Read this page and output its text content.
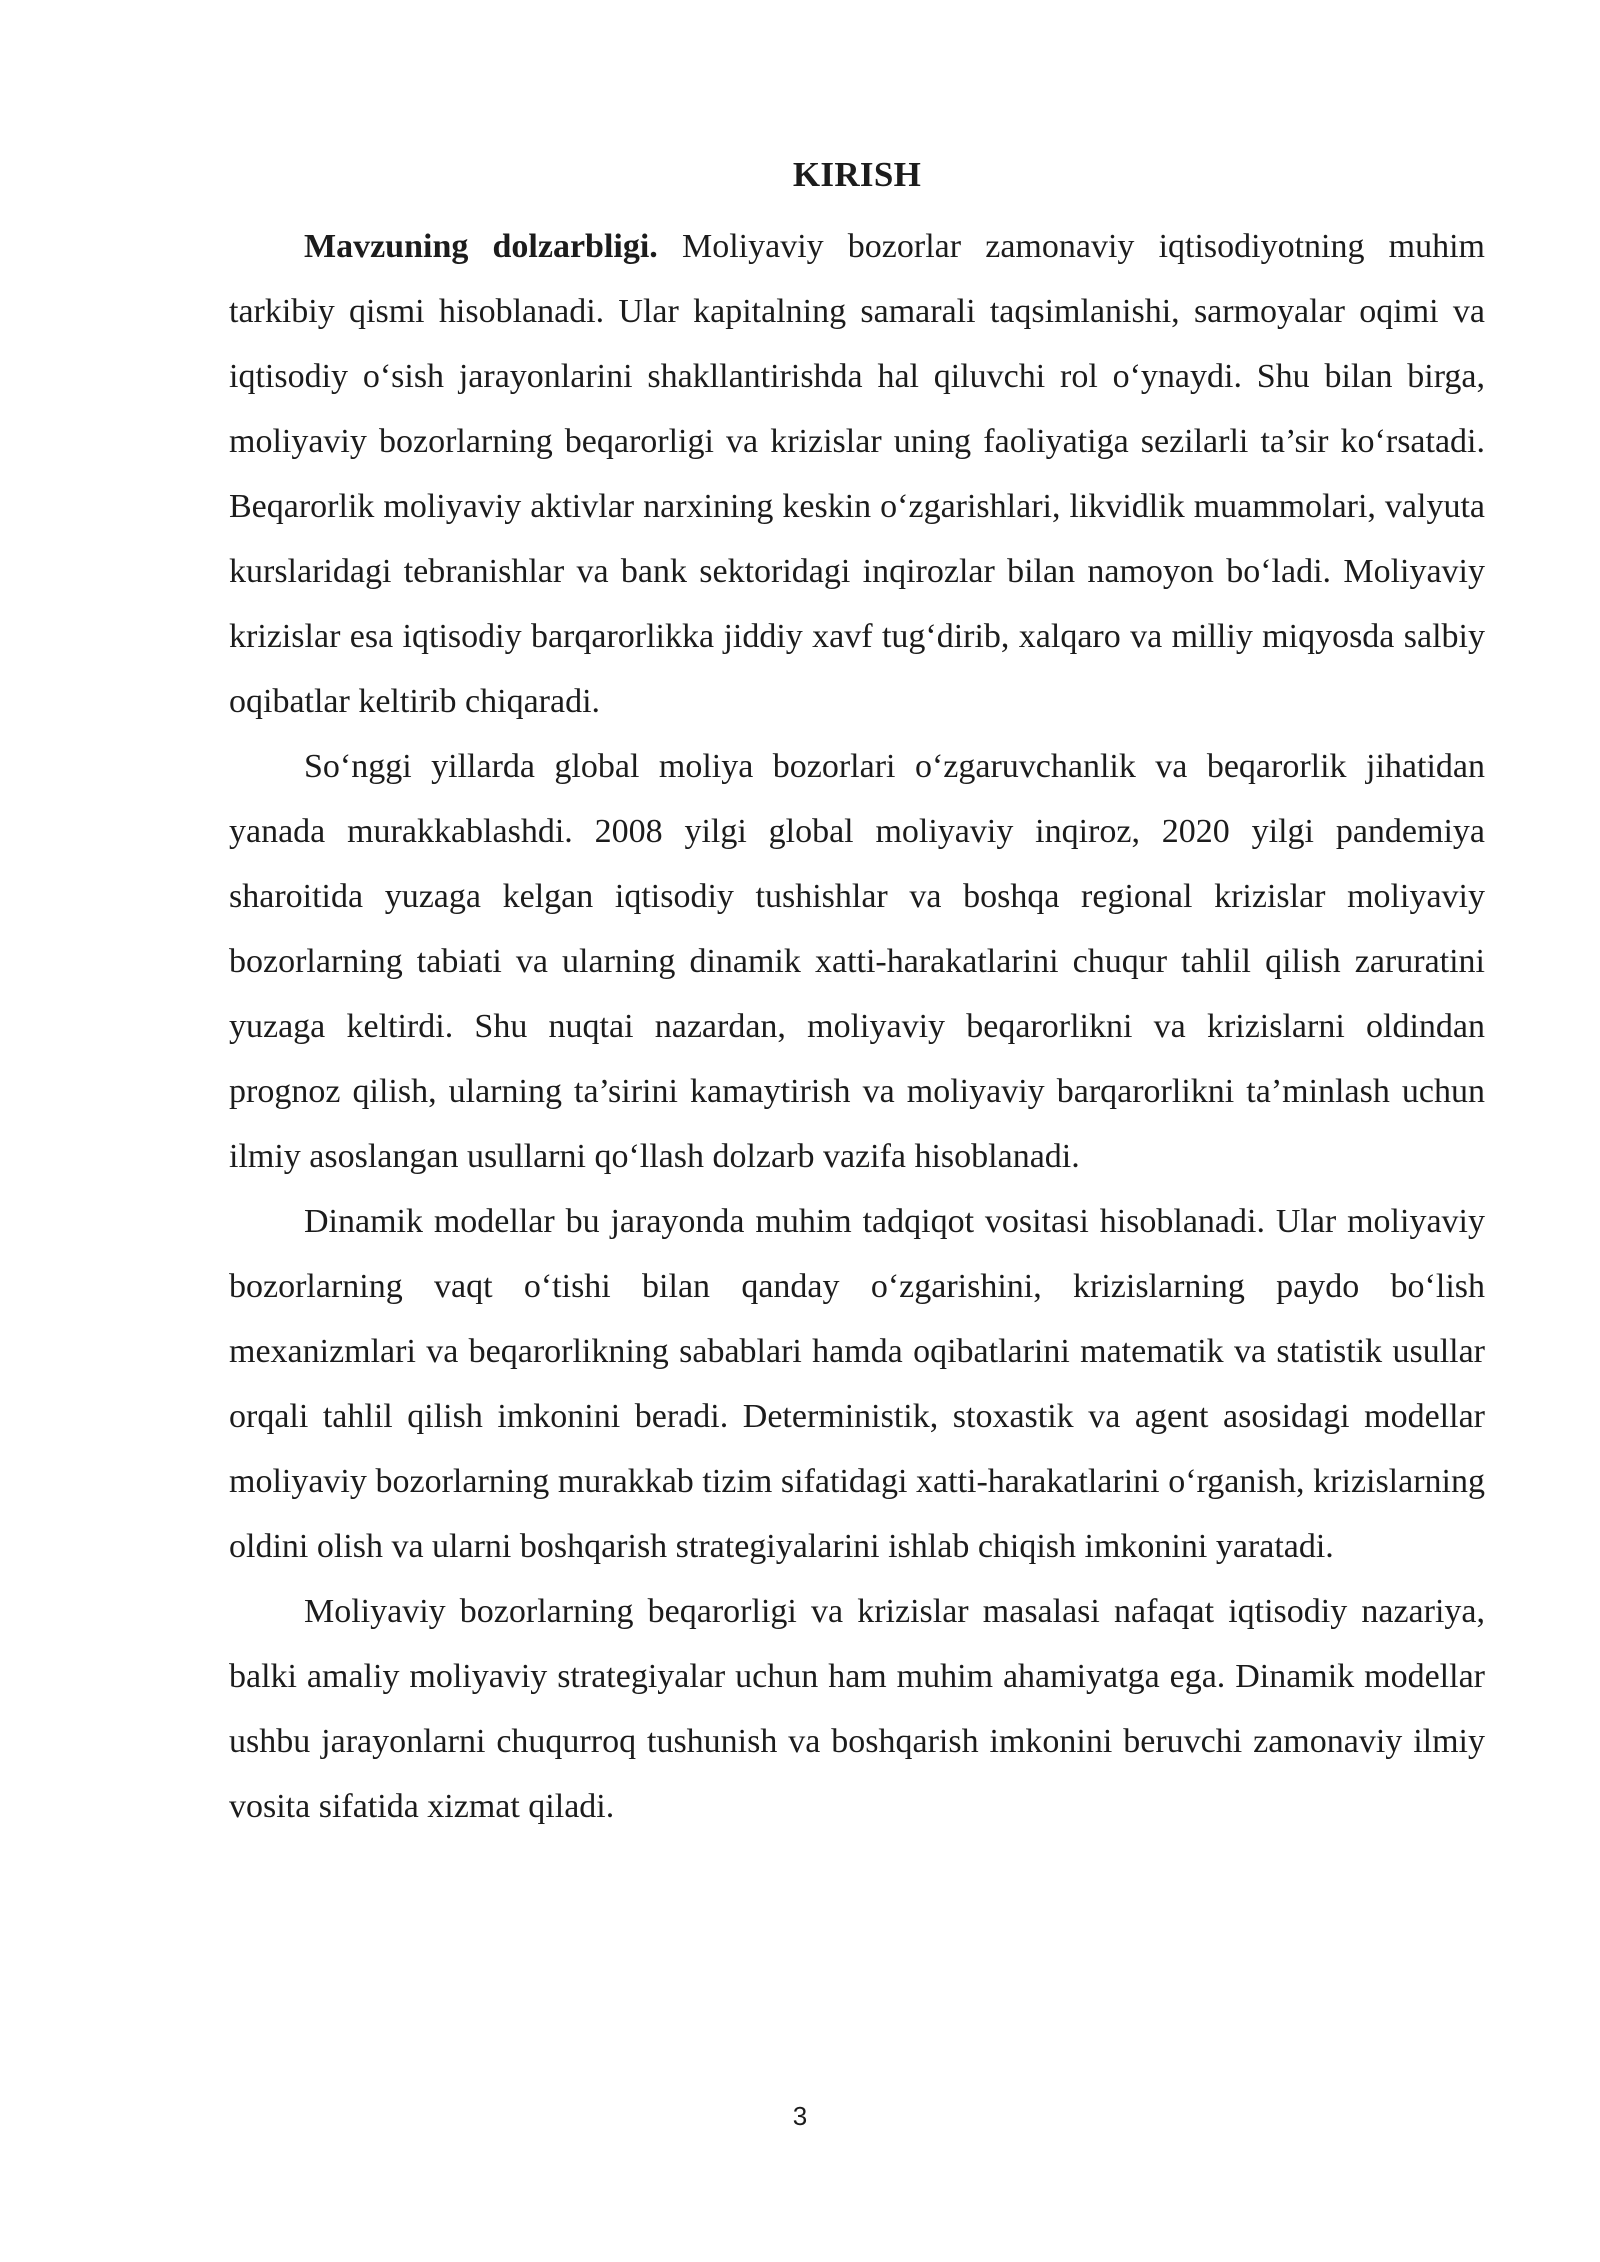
KIRISH

Mavzuning dolzarbligi. Moliyaviy bozorlar zamonaviy iqtisodiyotning muhim tarkibiy qismi hisoblanadi. Ular kapitalning samarali taqsimlanishi, sarmoyalar oqimi va iqtisodiy o‘sish jarayonlarini shakllantirishda hal qiluvchi rol o‘ynaydi. Shu bilan birga, moliyaviy bozorlarning beqarorligi va krizislar uning faoliyatiga sezilarli ta’sir ko‘rsatadi. Beqarorlik moliyaviy aktivlar narxining keskin o‘zgarishlari, likvidlik muammolari, valyuta kurslaridagi tebranishlar va bank sektoridagi inqirozlar bilan namoyon bo‘ladi. Moliyaviy krizislar esa iqtisodiy barqarorlikka jiddiy xavf tug‘dirib, xalqaro va milliy miqyosda salbiy oqibatlar keltirib chiqaradi.

So‘nggi yillarda global moliya bozorlari o‘zgaruvchanlik va beqarorlik jihatidan yanada murakkablashdi. 2008 yilgi global moliyaviy inqiroz, 2020 yilgi pandemiya sharoitida yuzaga kelgan iqtisodiy tushishlar va boshqa regional krizislar moliyaviy bozorlarning tabiati va ularning dinamik xatti-harakatlarini chuqur tahlil qilish zaruratini yuzaga keltirdi. Shu nuqtai nazardan, moliyaviy beqarorlikni va krizislarni oldindan prognoz qilish, ularning ta’sirini kamaytirish va moliyaviy barqarorlikni ta’minlash uchun ilmiy asoslangan usullarni qo‘llash dolzarb vazifa hisoblanadi.

Dinamik modellar bu jarayonda muhim tadqiqot vositasi hisoblanadi. Ular moliyaviy bozorlarning vaqt o‘tishi bilan qanday o‘zgarishini, krizislarning paydo bo‘lish mexanizmlari va beqarorlikning sabablari hamda oqibatlarini matematik va statistik usullar orqali tahlil qilish imkonini beradi. Deterministik, stoxastik va agent asosidagi modellar moliyaviy bozorlarning murakkab tizim sifatidagi xatti-harakatlarini o‘rganish, krizislarning oldini olish va ularni boshqarish strategiyalarini ishlab chiqish imkonini yaratadi.

Moliyaviy bozorlarning beqarorligi va krizislar masalasi nafaqat iqtisodiy nazariya, balki amaliy moliyaviy strategiyalar uchun ham muhim ahamiyatga ega. Dinamik modellar ushbu jarayonlarni chuqurroq tushunish va boshqarish imkonini beruvchi zamonaviy ilmiy vosita sifatida xizmat qiladi.

3
